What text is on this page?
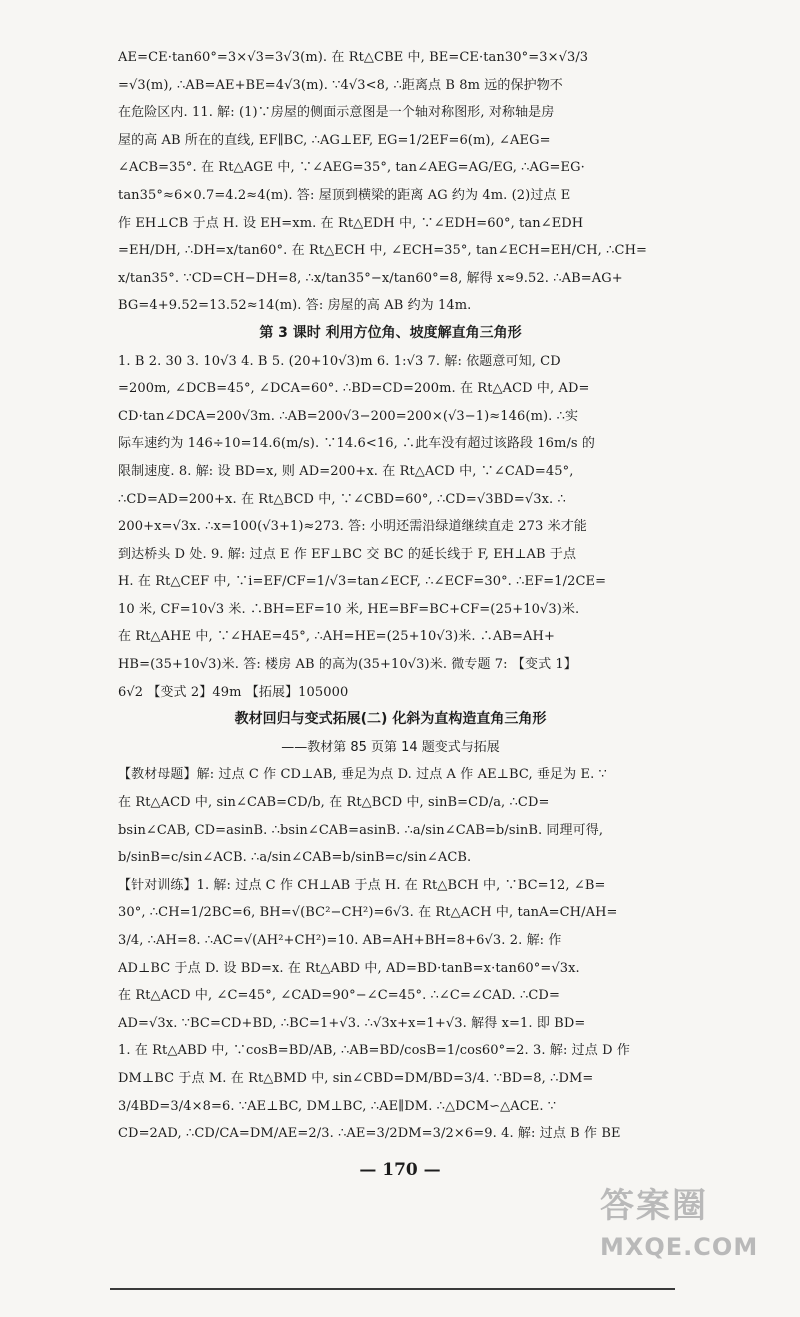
AE=CE·tan60°=3×√3=3√3(m). 在 Rt△CBE 中, BE=CE·tan30°=3×√3/3
=√3(m), ∴AB=AE+BE=4√3(m). ∵4√3<8, ∴距离点 B 8m 远的保护物不
在危险区内. 11. 解: (1)∵房屋的侧面示意图是一个轴对称图形, 对称轴是房
屋的高 AB 所在的直线, EF∥BC, ∴AG⊥EF, EG=1/2EF=6(m), ∠AEG=
∠ACB=35°. 在 Rt△AGE 中, ∵∠AEG=35°, tan∠AEG=AG/EG, ∴AG=EG·
tan35°≈6×0.7=4.2≈4(m). 答: 屋顶到横梁的距离 AG 约为 4m. (2)过点 E
作 EH⊥CB 于点 H. 设 EH=xm. 在 Rt△EDH 中, ∵∠EDH=60°, tan∠EDH
=EH/DH, ∴DH=x/tan60°. 在 Rt△ECH 中, ∠ECH=35°, tan∠ECH=EH/CH, ∴CH=
x/tan35°. ∵CD=CH−DH=8, ∴x/tan35°−x/tan60°=8, 解得 x≈9.52. ∴AB=AG+
BG=4+9.52=13.52≈14(m). 答: 房屋的高 AB 约为 14m.
第 3 课时 利用方位角、坡度解直角三角形
1. B 2. 30 3. 10√3 4. B 5. (20+10√3)m 6. 1:√3 7. 解: 依题意可知, CD
=200m, ∠DCB=45°, ∠DCA=60°. ∴BD=CD=200m. 在 Rt△ACD 中, AD=
CD·tan∠DCA=200√3m. ∴AB=200√3−200=200×(√3−1)≈146(m). ∴实
际车速约为 146÷10=14.6(m/s). ∵14.6<16, ∴此车没有超过该路段 16m/s 的
限制速度. 8. 解: 设 BD=x, 则 AD=200+x. 在 Rt△ACD 中, ∵∠CAD=45°,
∴CD=AD=200+x. 在 Rt△BCD 中, ∵∠CBD=60°, ∴CD=√3BD=√3x. ∴
200+x=√3x. ∴x=100(√3+1)≈273. 答: 小明还需沿绿道继续直走 273 米才能
到达桥头 D 处. 9. 解: 过点 E 作 EF⊥BC 交 BC 的延长线于 F, EH⊥AB 于点
H. 在 Rt△CEF 中, ∵i=EF/CF=1/√3=tan∠ECF, ∴∠ECF=30°. ∴EF=1/2CE=
10 米, CF=10√3 米. ∴BH=EF=10 米, HE=BF=BC+CF=(25+10√3)米.
在 Rt△AHE 中, ∵∠HAE=45°, ∴AH=HE=(25+10√3)米. ∴AB=AH+
HB=(35+10√3)米. 答: 楼房 AB 的高为(35+10√3)米. 微专题 7: 【变式 1】
6√2 【变式 2】49m 【拓展】105000
教材回归与变式拓展(二) 化斜为直构造直角三角形
——教材第 85 页第 14 题变式与拓展
【教材母题】解: 过点 C 作 CD⊥AB, 垂足为点 D. 过点 A 作 AE⊥BC, 垂足为 E. ∵
在 Rt△ACD 中, sin∠CAB=CD/b, 在 Rt△BCD 中, sinB=CD/a, ∴CD=
bsin∠CAB, CD=asinB. ∴bsin∠CAB=asinB. ∴a/sin∠CAB=b/sinB. 同理可得,
b/sinB=c/sin∠ACB. ∴a/sin∠CAB=b/sinB=c/sin∠ACB.
【针对训练】1. 解: 过点 C 作 CH⊥AB 于点 H. 在 Rt△BCH 中, ∵BC=12, ∠B=
30°, ∴CH=1/2BC=6, BH=√(BC²−CH²)=6√3. 在 Rt△ACH 中, tanA=CH/AH=
3/4, ∴AH=8. ∴AC=√(AH²+CH²)=10. AB=AH+BH=8+6√3. 2. 解: 作
AD⊥BC 于点 D. 设 BD=x. 在 Rt△ABD 中, AD=BD·tanB=x·tan60°=√3x.
在 Rt△ACD 中, ∠C=45°, ∠CAD=90°−∠C=45°. ∴∠C=∠CAD. ∴CD=
AD=√3x. ∵BC=CD+BD, ∴BC=1+√3. ∴√3x+x=1+√3. 解得 x=1. 即 BD=
1. 在 Rt△ABD 中, ∵cosB=BD/AB, ∴AB=BD/cosB=1/cos60°=2. 3. 解: 过点 D 作
DM⊥BC 于点 M. 在 Rt△BMD 中, sin∠CBD=DM/BD=3/4. ∵BD=8, ∴DM=
3/4BD=3/4×8=6. ∵AE⊥BC, DM⊥BC, ∴AE∥DM. ∴△DCM∽△ACE. ∵
CD=2AD, ∴CD/CA=DM/AE=2/3. ∴AE=3/2DM=3/2×6=9. 4. 解: 过点 B 作 BE
— 170 —
答案圈
MXQE.COM
